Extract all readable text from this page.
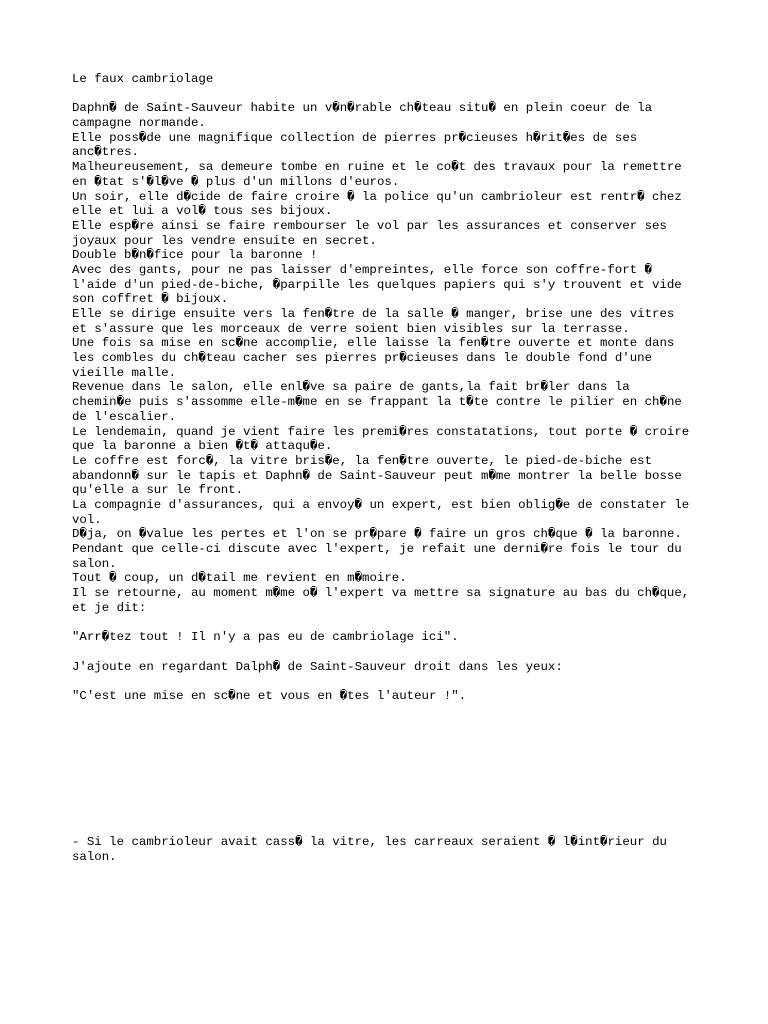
Le faux cambriolage
Daphn� de Saint-Sauveur habite un v�n�rable ch�teau situ� en plein coeur de la
campagne normande.
Elle poss�de une magnifique collection de pierres pr�cieuses h�rit�es de ses
anc�tres.
Malheureusement, sa demeure tombe en ruine et le co�t des travaux pour la remettre
en �tat s'�l�ve � plus d'un millons d'euros.
Un soir, elle d�cide de faire croire � la police qu'un cambrioleur est rentr� chez
elle et lui a vol� tous ses bijoux.
Elle esp�re ainsi se faire rembourser le vol par les assurances et conserver ses
joyaux pour les vendre ensuite en secret.
Double b�n�fice pour la baronne !
Avec des gants, pour ne pas laisser d'empreintes, elle force son coffre-fort �
l'aide d'un pied-de-biche, �parpille les quelques papiers qui s'y trouvent et vide
son coffret � bijoux.
Elle se dirige ensuite vers la fen�tre de la salle � manger, brise une des vitres
et s'assure que les morceaux de verre soient bien visibles sur la terrasse.
Une fois sa mise en sc�ne accomplie, elle laisse la fen�tre ouverte et monte dans
les combles du ch�teau cacher ses pierres pr�cieuses dans le double fond d'une
vieille malle.
Revenue dans le salon, elle enl�ve sa paire de gants,la fait br�ler dans la
chemin�e puis s'assomme elle-m�me en se frappant la t�te contre le pilier en ch�ne
de l'escalier.
Le lendemain, quand je vient faire les premi�res constatations, tout porte � croire
que la baronne a bien �t� attaqu�e.
Le coffre est forc�, la vitre bris�e, la fen�tre ouverte, le pied-de-biche est
abandonn� sur le tapis et Daphn� de Saint-Sauveur peut m�me montrer la belle bosse
qu'elle a sur le front.
La compagnie d'assurances, qui a envoy� un expert, est bien oblig�e de constater le
vol.
D�ja, on �value les pertes et l'on se pr�pare � faire un gros ch�que � la baronne.
Pendant que celle-ci discute avec l'expert, je refait une derni�re fois le tour du
salon.
Tout � coup, un d�tail me revient en m�moire.
Il se retourne, au moment m�me o� l'expert va mettre sa signature au bas du ch�que,
et je dit:
"Arr�tez tout ! Il n'y a pas eu de cambriolage ici".
J'ajoute en regardant Dalph� de Saint-Sauveur droit dans les yeux:
"C'est une mise en sc�ne et vous en �tes l'auteur !".
- Si le cambrioleur avait cass� la vitre, les carreaux seraient � l�int�rieur du
salon.
